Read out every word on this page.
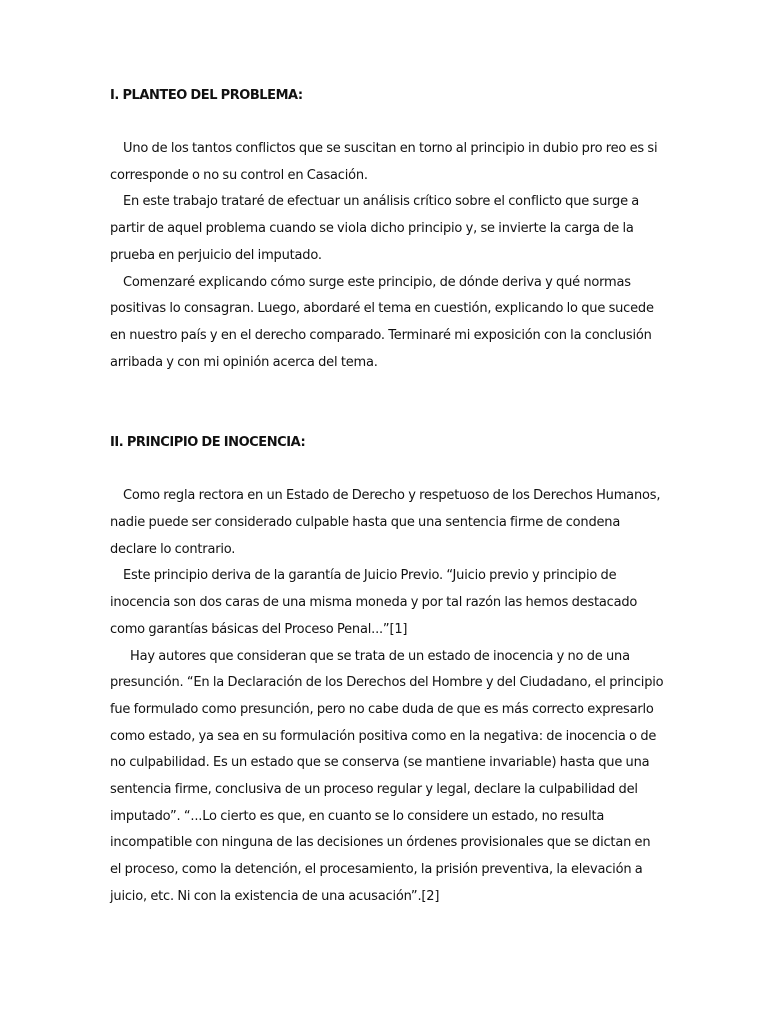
I. PLANTEO DEL PROBLEMA:

Uno de los tantos conflictos que se suscitan en torno al principio in dubio pro reo es si corresponde o no su control en Casación.

En este trabajo trataré de efectuar un análisis crítico sobre el conflicto que surge a partir de aquel problema cuando se viola dicho principio y, se invierte la carga de la prueba en perjuicio del imputado.

Comenzaré explicando cómo surge este principio, de dónde deriva y qué normas positivas lo consagran. Luego, abordaré el tema en cuestión, explicando lo que sucede en nuestro país y en el derecho comparado. Terminaré mi exposición con la conclusión arribada y con mi opinión acerca del tema.

II. PRINCIPIO DE INOCENCIA:

Como regla rectora en un Estado de Derecho y respetuoso de los Derechos Humanos, nadie puede ser considerado culpable hasta que una sentencia firme de condena declare lo contrario.

Este principio deriva de la garantía de Juicio Previo. “Juicio previo y principio de inocencia son dos caras de una misma moneda y por tal razón las hemos destacado como garantías básicas del Proceso Penal...”[1]

Hay autores que consideran que se trata de un estado de inocencia y no de una presunción. “En la Declaración de los Derechos del Hombre y del Ciudadano, el principio fue formulado como presunción, pero no cabe duda de que es más correcto expresarlo como estado, ya sea en su formulación positiva como en la negativa: de inocencia o de no culpabilidad. Es un estado que se conserva (se mantiene invariable) hasta que una sentencia firme, conclusiva de un proceso regular y legal, declare la culpabilidad del imputado”. “...Lo cierto es que, en cuanto se lo considere un estado, no resulta incompatible con ninguna de las decisiones un órdenes provisionales que se dictan en el proceso, como la detención, el procesamiento, la prisión preventiva, la elevación a juicio, etc. Ni con la existencia de una acusación”.[2]
